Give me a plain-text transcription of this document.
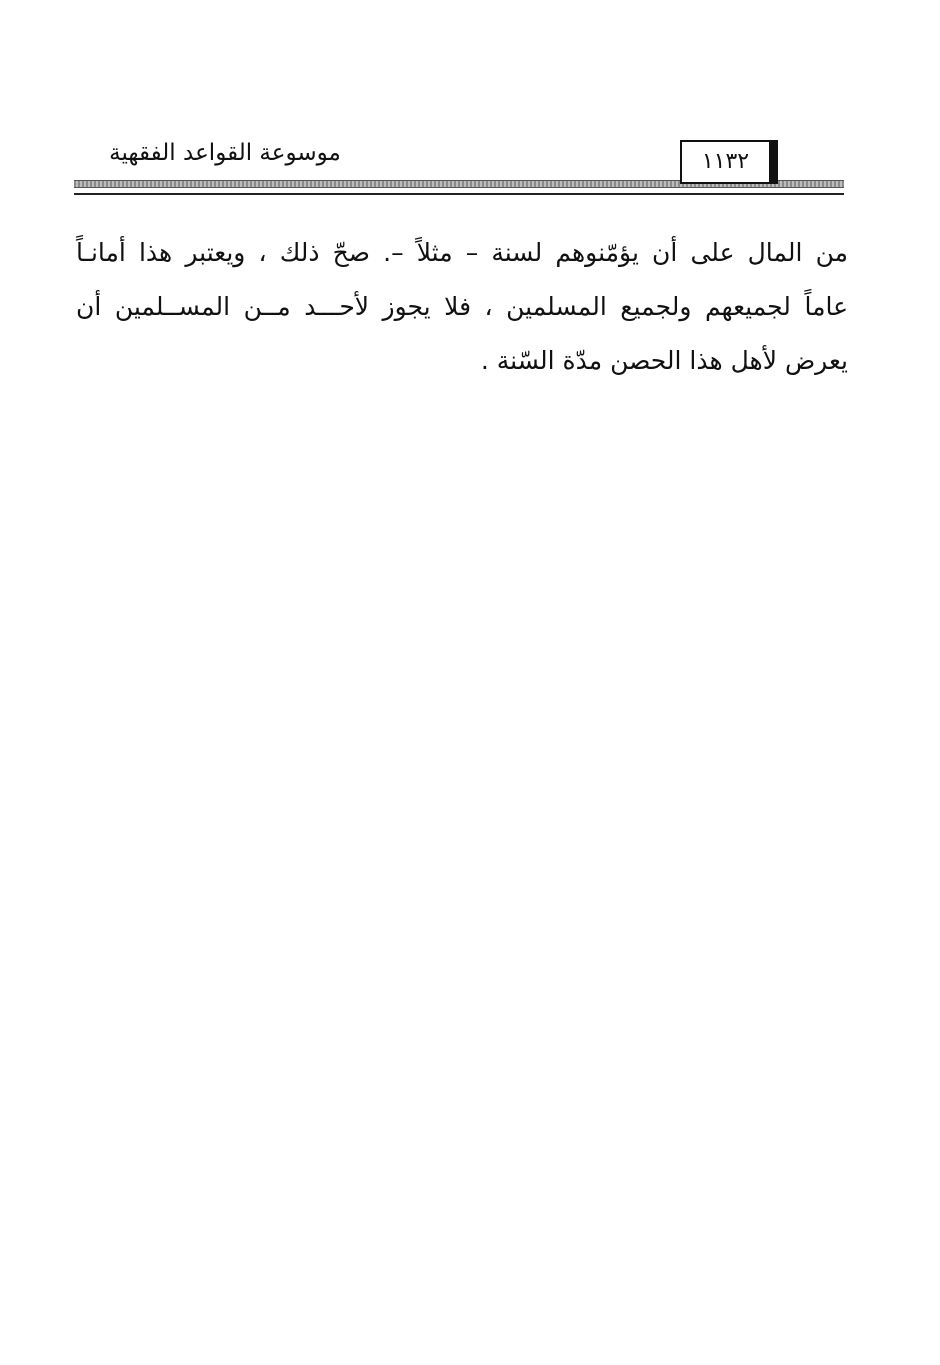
موسوعة القواعد الفقهية	١١٣٢
من المال على أن يؤمّنوهم لسنة – مثلاً –. صحّ ذلك ، ويعتبر هذا أمانـاً
عاماً لجميعهم ولجميع المسلمين ، فلا يجوز لأحـــد مــن المســلمين أن
يعرض لأهل هذا الحصن مدّة السّنة .
